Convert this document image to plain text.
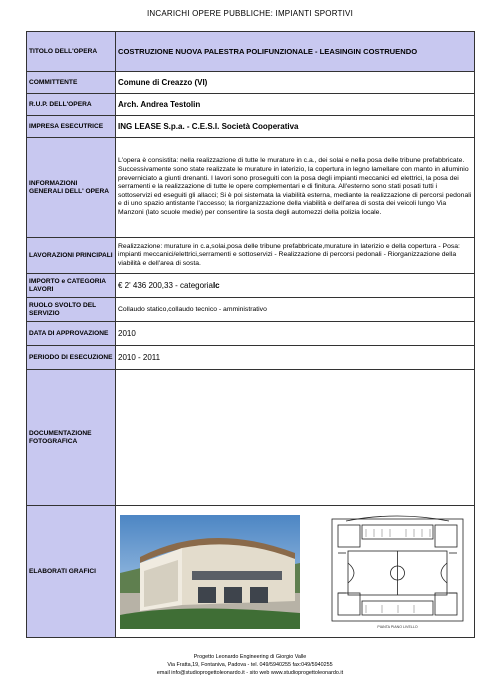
INCARICHI OPERE PUBBLICHE: IMPIANTI SPORTIVI
TITOLO DELL'OPERA	COSTRUZIONE NUOVA PALESTRA POLIFUNZIONALE - LEASINGIN COSTRUENDO
COMMITTENTE	Comune di Creazzo (VI)
R.U.P. DELL'OPERA	Arch. Andrea Testolin
IMPRESA ESECUTRICE	ING LEASE S.p.a. - C.E.S.I. Società Cooperativa
INFORMAZIONI GENERALI DELL' OPERA	L'opera è consistita: nella realizzazione di tutte le murature in c.a., dei solai e nella posa delle tribune prefabbricate. Successivamente sono state realizzate le murature in laterizio, la copertura in legno lamellare con manto in alluminio preverniciato a giunti drenanti. I lavori sono proseguiti con la posa degli impianti meccanici ed elettrici, la posa dei serramenti e la realizzazione di tutte le opere complementari e di finitura. All'esterno sono stati posati tutti i sottoservizi ed eseguiti gli allacci; Si è poi sistemata la viabilità esterna, mediante la realizzazione di percorsi pedonali e di uno spazio antistante l'accesso; la riorganizzazione della viabilità e dell'area di sosta dei veicoli lungo Via Manzoni (lato scuole medie) per consentire la sosta degli automezzi della polizia locale.
LAVORAZIONI PRINCIPALI	Realizzazione: murature in c.a,solai,posa delle tribune prefabbricate,murature in laterizio e della copertura - Posa: impianti meccanici/elettrici,serramenti e sottoservizi - Realizzazione di percorsi pedonali - Riorganizzazione della viabilità e dell'area di sosta.
IMPORTO e CATEGORIA LAVORI	€ 2' 436 200,33 - categoriaIc
RUOLO SVOLTO DEL SERVIZIO	Collaudo statico,collaudo tecnico - amministrativo
DATA DI APPROVAZIONE	2010
PERIODO DI ESECUZIONE	2010 - 2011
DOCUMENTAZIONE FOTOGRAFICA	
ELABORATI GRAFICI	PIANTA PIANO LIVELLO
Progetto Leonardo Engineering di Giorgio Valle
Via Fratta,19, Fontaniva, Padova - tel. 049/5940255 fax:049/5940255
email info@studioprogettoleonardo.it - sito web www.studioprogettoleonardo.it
